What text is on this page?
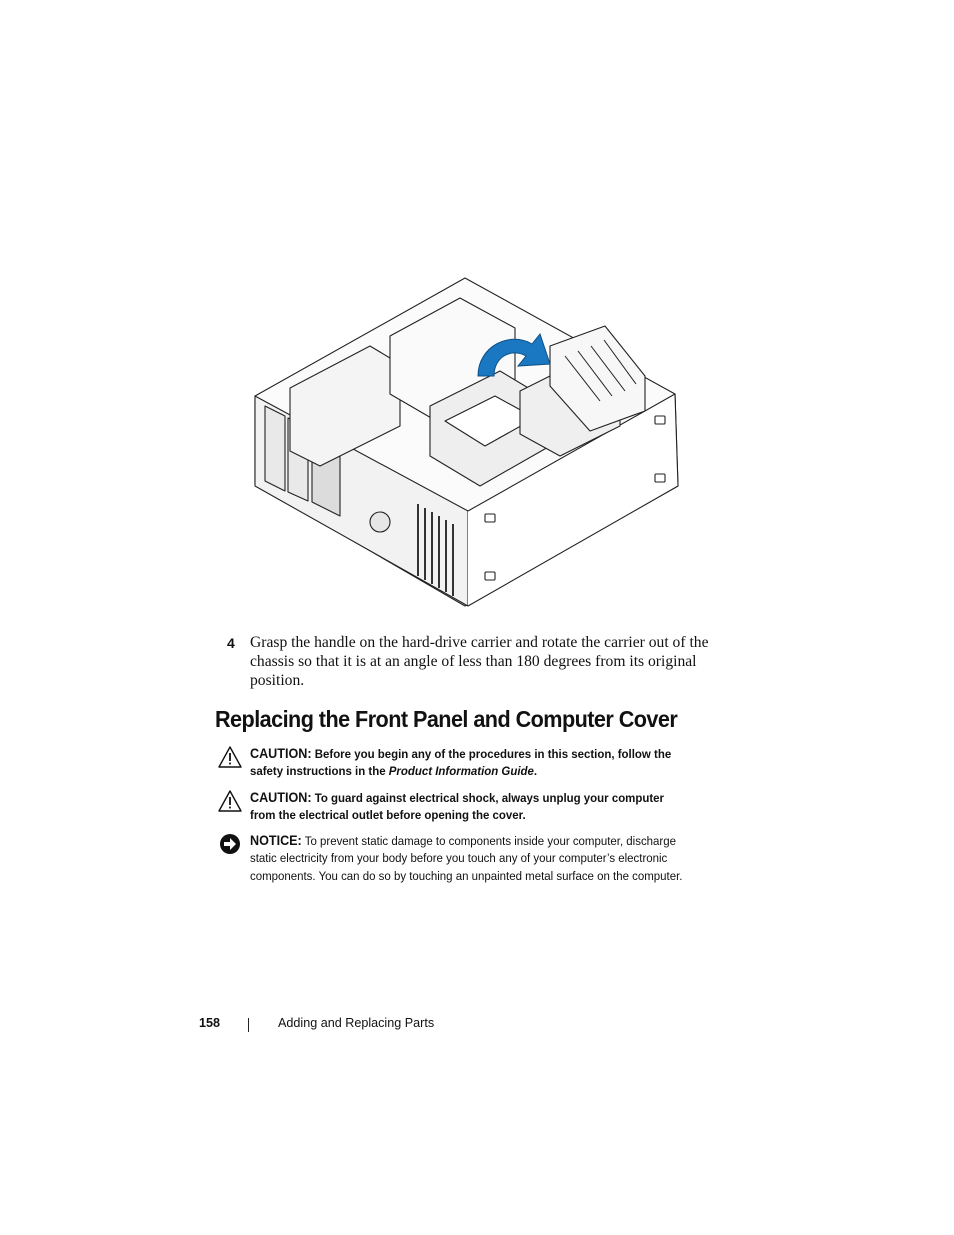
4 Grasp the handle on the hard-drive carrier and rotate the carrier out of the chassis so that it is at an angle of less than 180 degrees from its original position.
Replacing the Front Panel and Computer Cover
CAUTION: Before you begin any of the procedures in this section, follow the safety instructions in the Product Information Guide.
CAUTION: To guard against electrical shock, always unplug your computer from the electrical outlet before opening the cover.
NOTICE: To prevent static damage to components inside your computer, discharge static electricity from your body before you touch any of your computer’s electronic components. You can do so by touching an unpainted metal surface on the computer.
158	Adding and Replacing Parts
